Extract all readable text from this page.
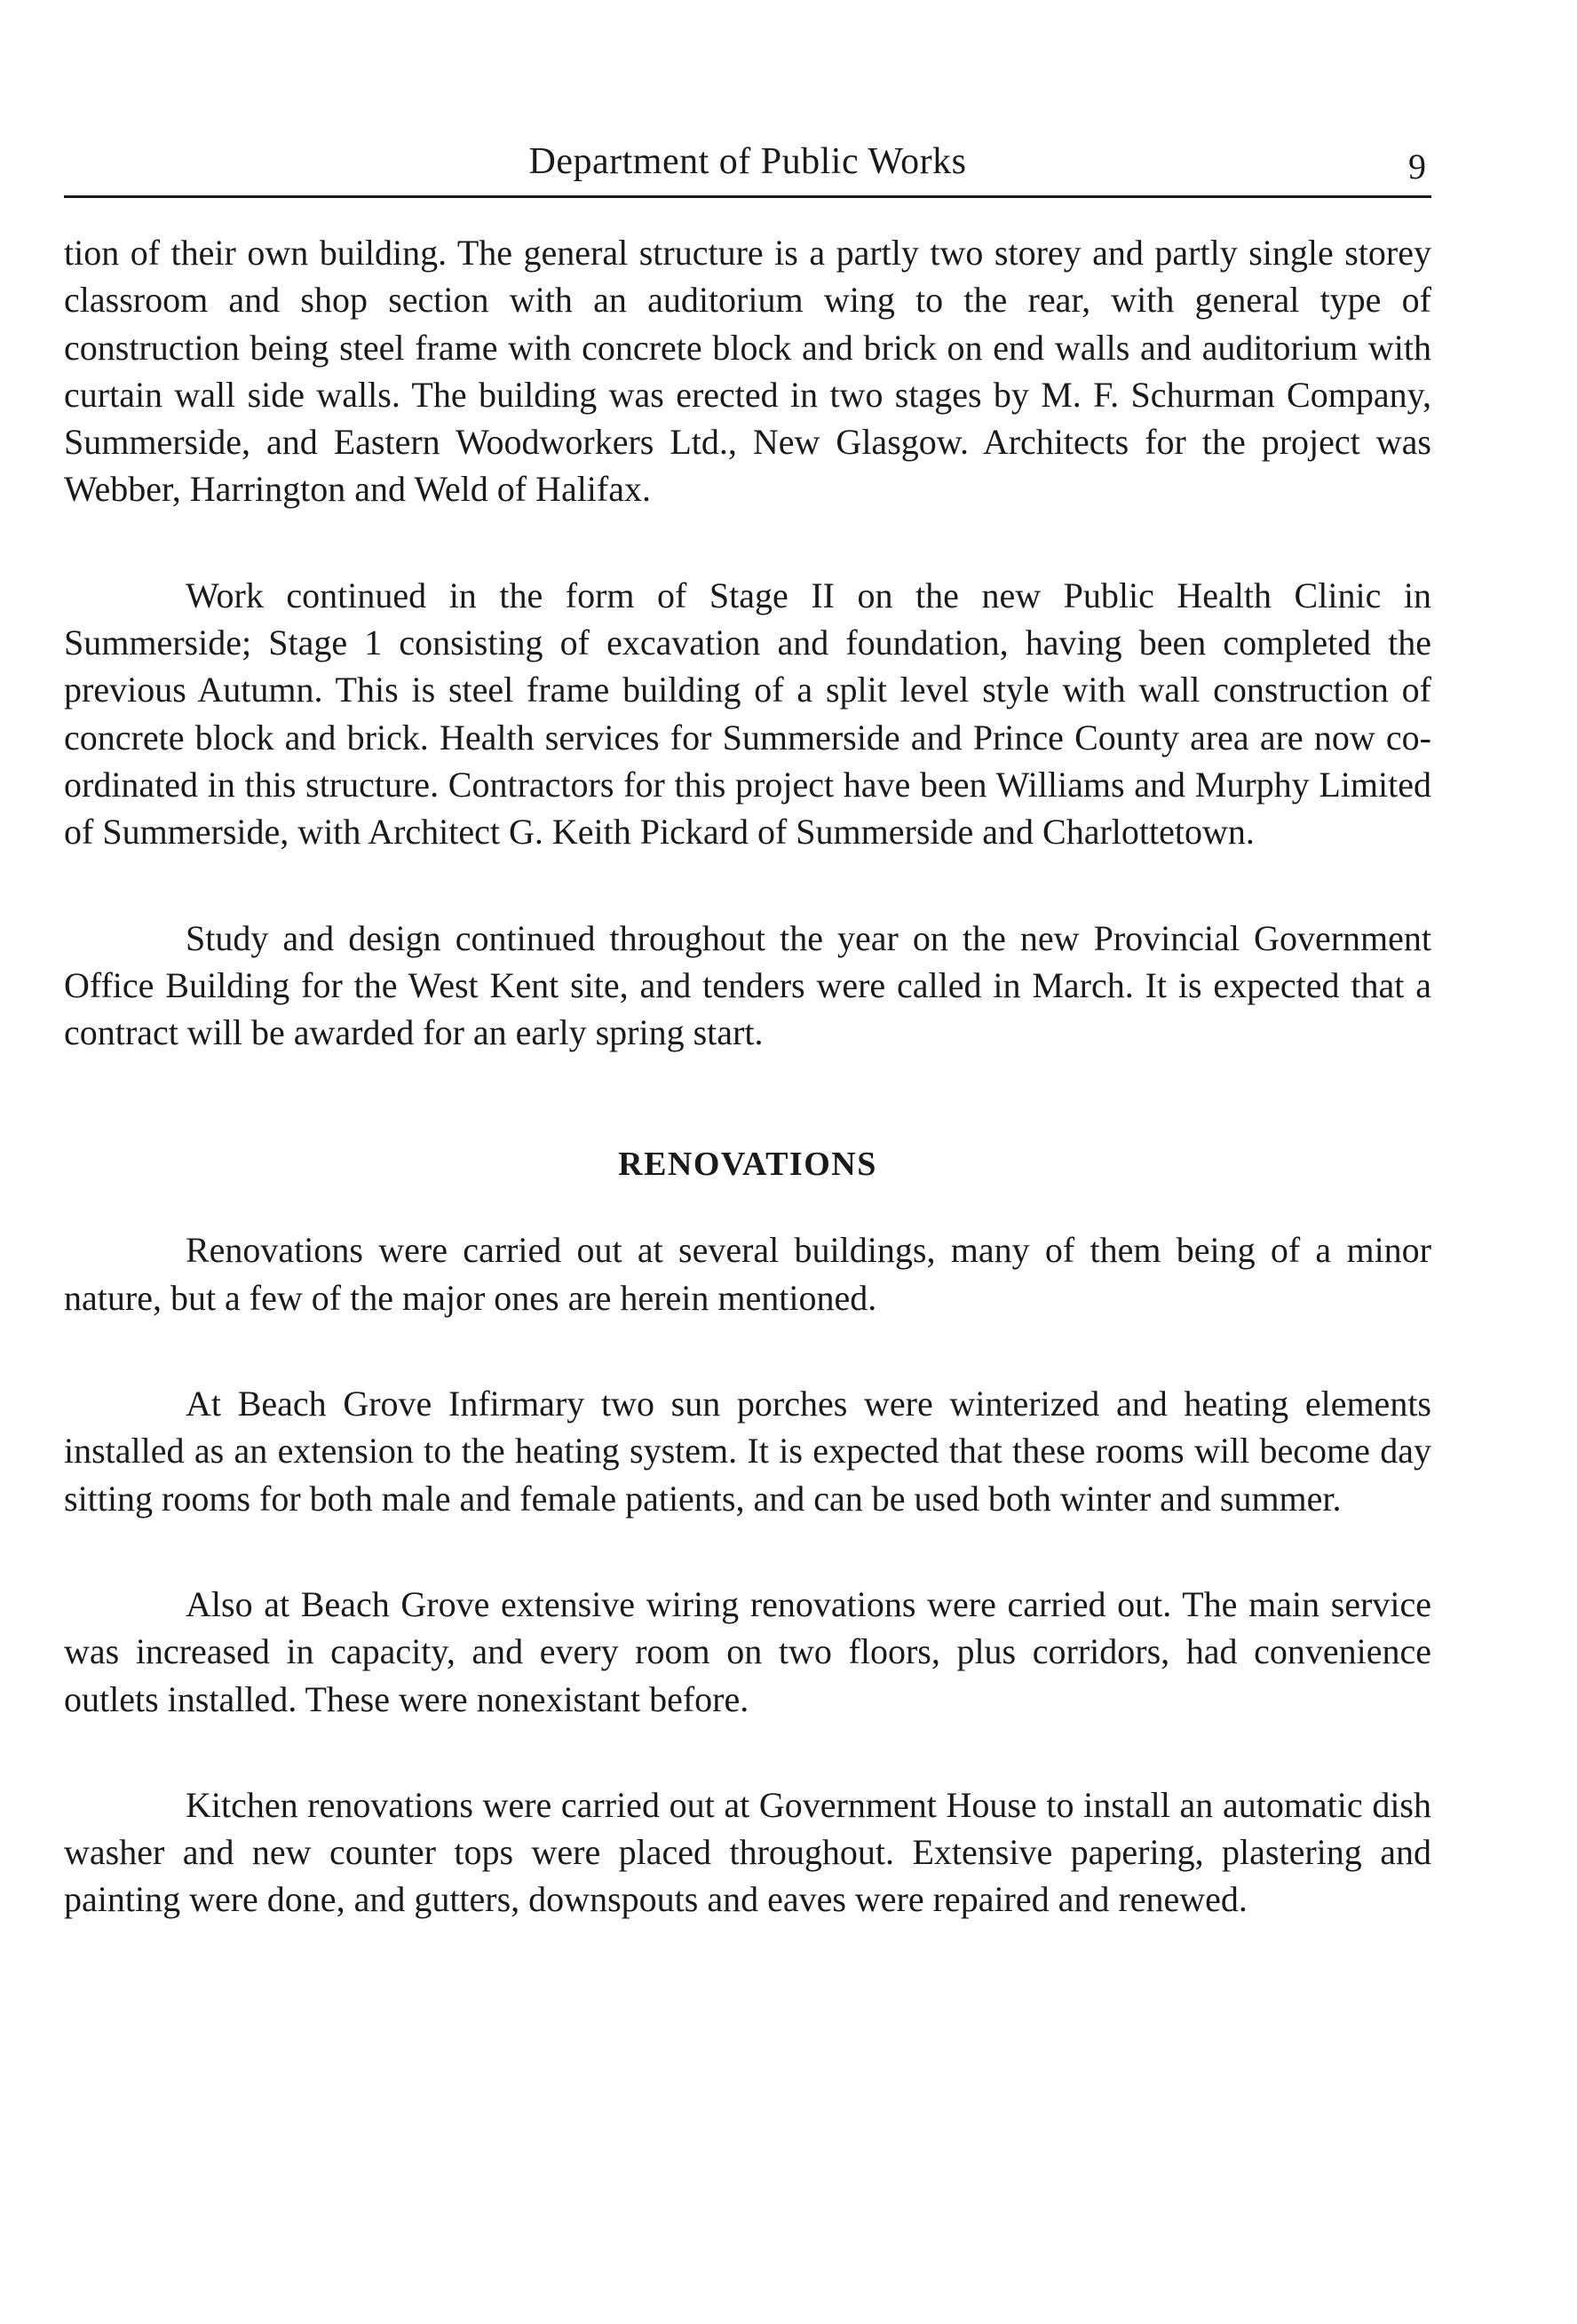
Department of Public Works	9

tion of their own building. The general structure is a partly two storey and partly single storey classroom and shop section with an auditorium wing to the rear, with general type of construction being steel frame with concrete block and brick on end walls and auditorium with curtain wall side walls. The building was erected in two stages by M. F. Schurman Company, Summerside, and Eastern Woodworkers Ltd., New Glasgow. Architects for the project was Webber, Harrington and Weld of Halifax.

Work continued in the form of Stage II on the new Public Health Clinic in Summerside; Stage 1 consisting of excavation and foundation, having been completed the previous Autumn. This is steel frame building of a split level style with wall construction of concrete block and brick. Health services for Summerside and Prince County area are now co-ordinated in this structure. Contractors for this project have been Williams and Murphy Limited of Summerside, with Architect G. Keith Pickard of Summerside and Charlottetown.

Study and design continued throughout the year on the new Provincial Government Office Building for the West Kent site, and tenders were called in March. It is expected that a contract will be awarded for an early spring start.

RENOVATIONS

Renovations were carried out at several buildings, many of them being of a minor nature, but a few of the major ones are herein mentioned.

At Beach Grove Infirmary two sun porches were winterized and heating elements installed as an extension to the heating system. It is expected that these rooms will become day sitting rooms for both male and female patients, and can be used both winter and summer.

Also at Beach Grove extensive wiring renovations were carried out. The main service was increased in capacity, and every room on two floors, plus corridors, had convenience outlets installed. These were nonexistant before.

Kitchen renovations were carried out at Government House to install an automatic dish washer and new counter tops were placed throughout. Extensive papering, plastering and painting were done, and gutters, downspouts and eaves were repaired and renewed.
